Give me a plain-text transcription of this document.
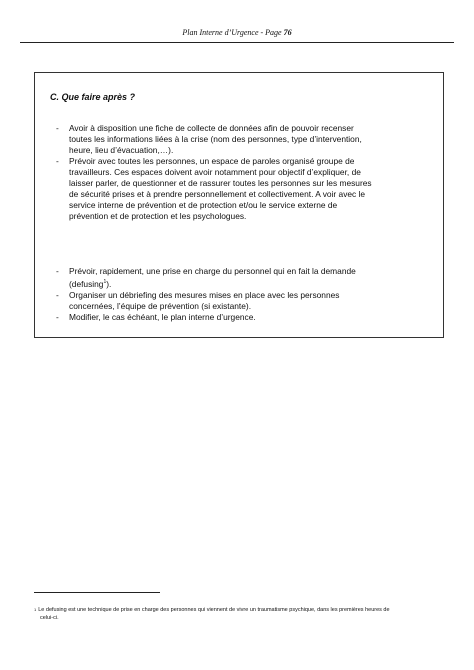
Plan Interne d’Urgence - Page 76
C. Que faire après ?
- Avoir à disposition une fiche de collecte de données afin de pouvoir recenser
toutes les informations liées à la crise (nom des personnes, type d’intervention,
heure, lieu d’évacuation,…).
- Prévoir avec toutes les personnes, un espace de paroles organisé groupe de
travailleurs. Ces espaces doivent avoir notamment pour objectif d’expliquer, de
laisser parler, de questionner et de rassurer toutes les personnes sur les mesures
de sécurité prises et à prendre personnellement et collectivement. A voir avec le
service interne de prévention et de protection et/ou le service externe de
prévention et de protection et les psychologues.
- Prévoir, rapidement, une prise en charge du personnel qui en fait la demande
(defusing$^1$).
- Organiser un débriefing des mesures mises en place avec les personnes
concernées, l’équipe de prévention (si existante).
- Modifier, le cas échéant, le plan interne d’urgence.
$^1$ Le defusing est une technique de prise en charge des personnes qui viennent de vivre un traumatisme psychique, dans les premières heures de
celui-ci.
